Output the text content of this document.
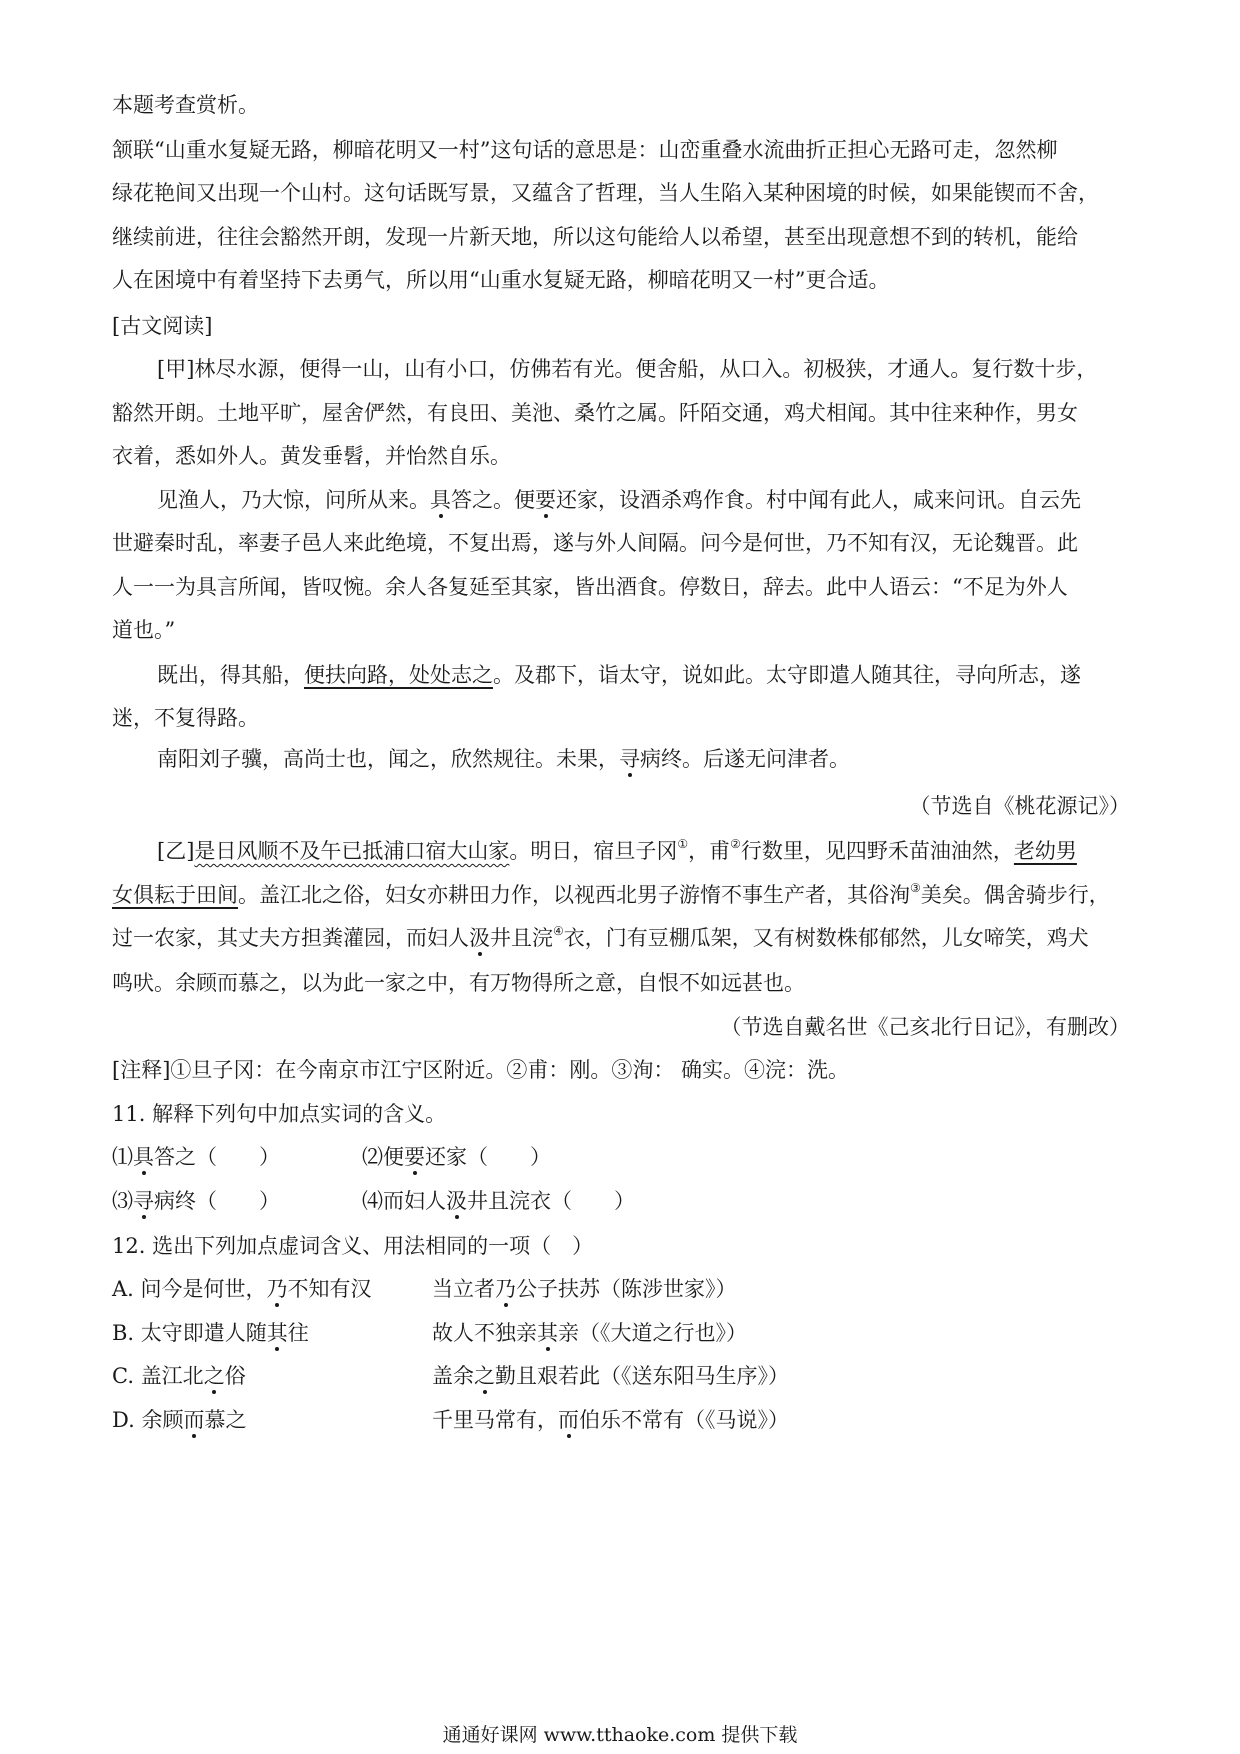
本题考查赏析。
颔联“山重水复疑无路，柳暗花明又一村”这句话的意思是：山峦重叠水流曲折正担心无路可走，忽然柳
绿花艳间又出现一个山村。这句话既写景，又蕴含了哲理，当人生陷入某种困境的时候，如果能锲而不舍，
继续前进，往往会豁然开朗，发现一片新天地，所以这句能给人以希望，甚至出现意想不到的转机，能给
人在困境中有着坚持下去勇气，所以用“山重水复疑无路，柳暗花明又一村”更合适。
[古文阅读]
[甲]林尽水源，便得一山，山有小口，仿佛若有光。便舍船，从口入。初极狭，才通人。复行数十步，
豁然开朗。土地平旷，屋舍俨然，有良田、美池、桑竹之属。阡陌交通，鸡犬相闻。其中往来种作，男女
衣着，悉如外人。黄发垂髫，并怡然自乐。
见渔人，乃大惊，问所从来。具答之。便要还家，设酒杀鸡作食。村中闻有此人，咸来问讯。自云先
世避秦时乱，率妻子邑人来此绝境，不复出焉，遂与外人间隔。问今是何世，乃不知有汉，无论魏晋。此
人一一为具言所闻，皆叹惋。余人各复延至其家，皆出酒食。停数日，辞去。此中人语云：“不足为外人
道也。”
既出，得其船，便扶向路，处处志之。及郡下，诣太守，说如此。太守即遣人随其往，寻向所志，遂
迷，不复得路。
南阳刘子骥，高尚士也，闻之，欣然规往。未果，寻病终。后遂无问津者。
（节选自《桃花源记》）
[乙]是日风顺不及午已抵浦口宿大山家。明日，宿旦子冈①，甫②行数里，见四野禾苗油油然，老幼男
女俱耘于田间。盖江北之俗，妇女亦耕田力作，以视西北男子游惰不事生产者，其俗洵③美矣。偶舍骑步行，
过一农家，其丈夫方担粪灌园，而妇人汲井且浣④衣，门有豆棚瓜架，又有树数株郁郁然，儿女啼笑，鸡犬
鸣吠。余顾而慕之，以为此一家之中，有万物得所之意，自恨不如远甚也。
（节选自戴名世《己亥北行日记》，有删改）
[注释]①旦子冈：在今南京市江宁区附近。②甫：刚。③洵： 确实。④浣：洗。
11. 解释下列句中加点实词的含义。
⑴具答之（　　）	⑵便要还家（　　）
⑶寻病终（　　）	⑷而妇人汲井且浣衣（　　）
12. 选出下列加点虚词含义、用法相同的一项（　）
A. 问今是何世，乃不知有汉	当立者乃公子扶苏（陈涉世家》）
B. 太守即遣人随其往	故人不独亲其亲（《大道之行也》）
C. 盖江北之俗	盖余之勤且艰若此（《送东阳马生序》）
D. 余顾而慕之	千里马常有，而伯乐不常有（《马说》）
通通好课网 www.tthaoke.com 提供下载
